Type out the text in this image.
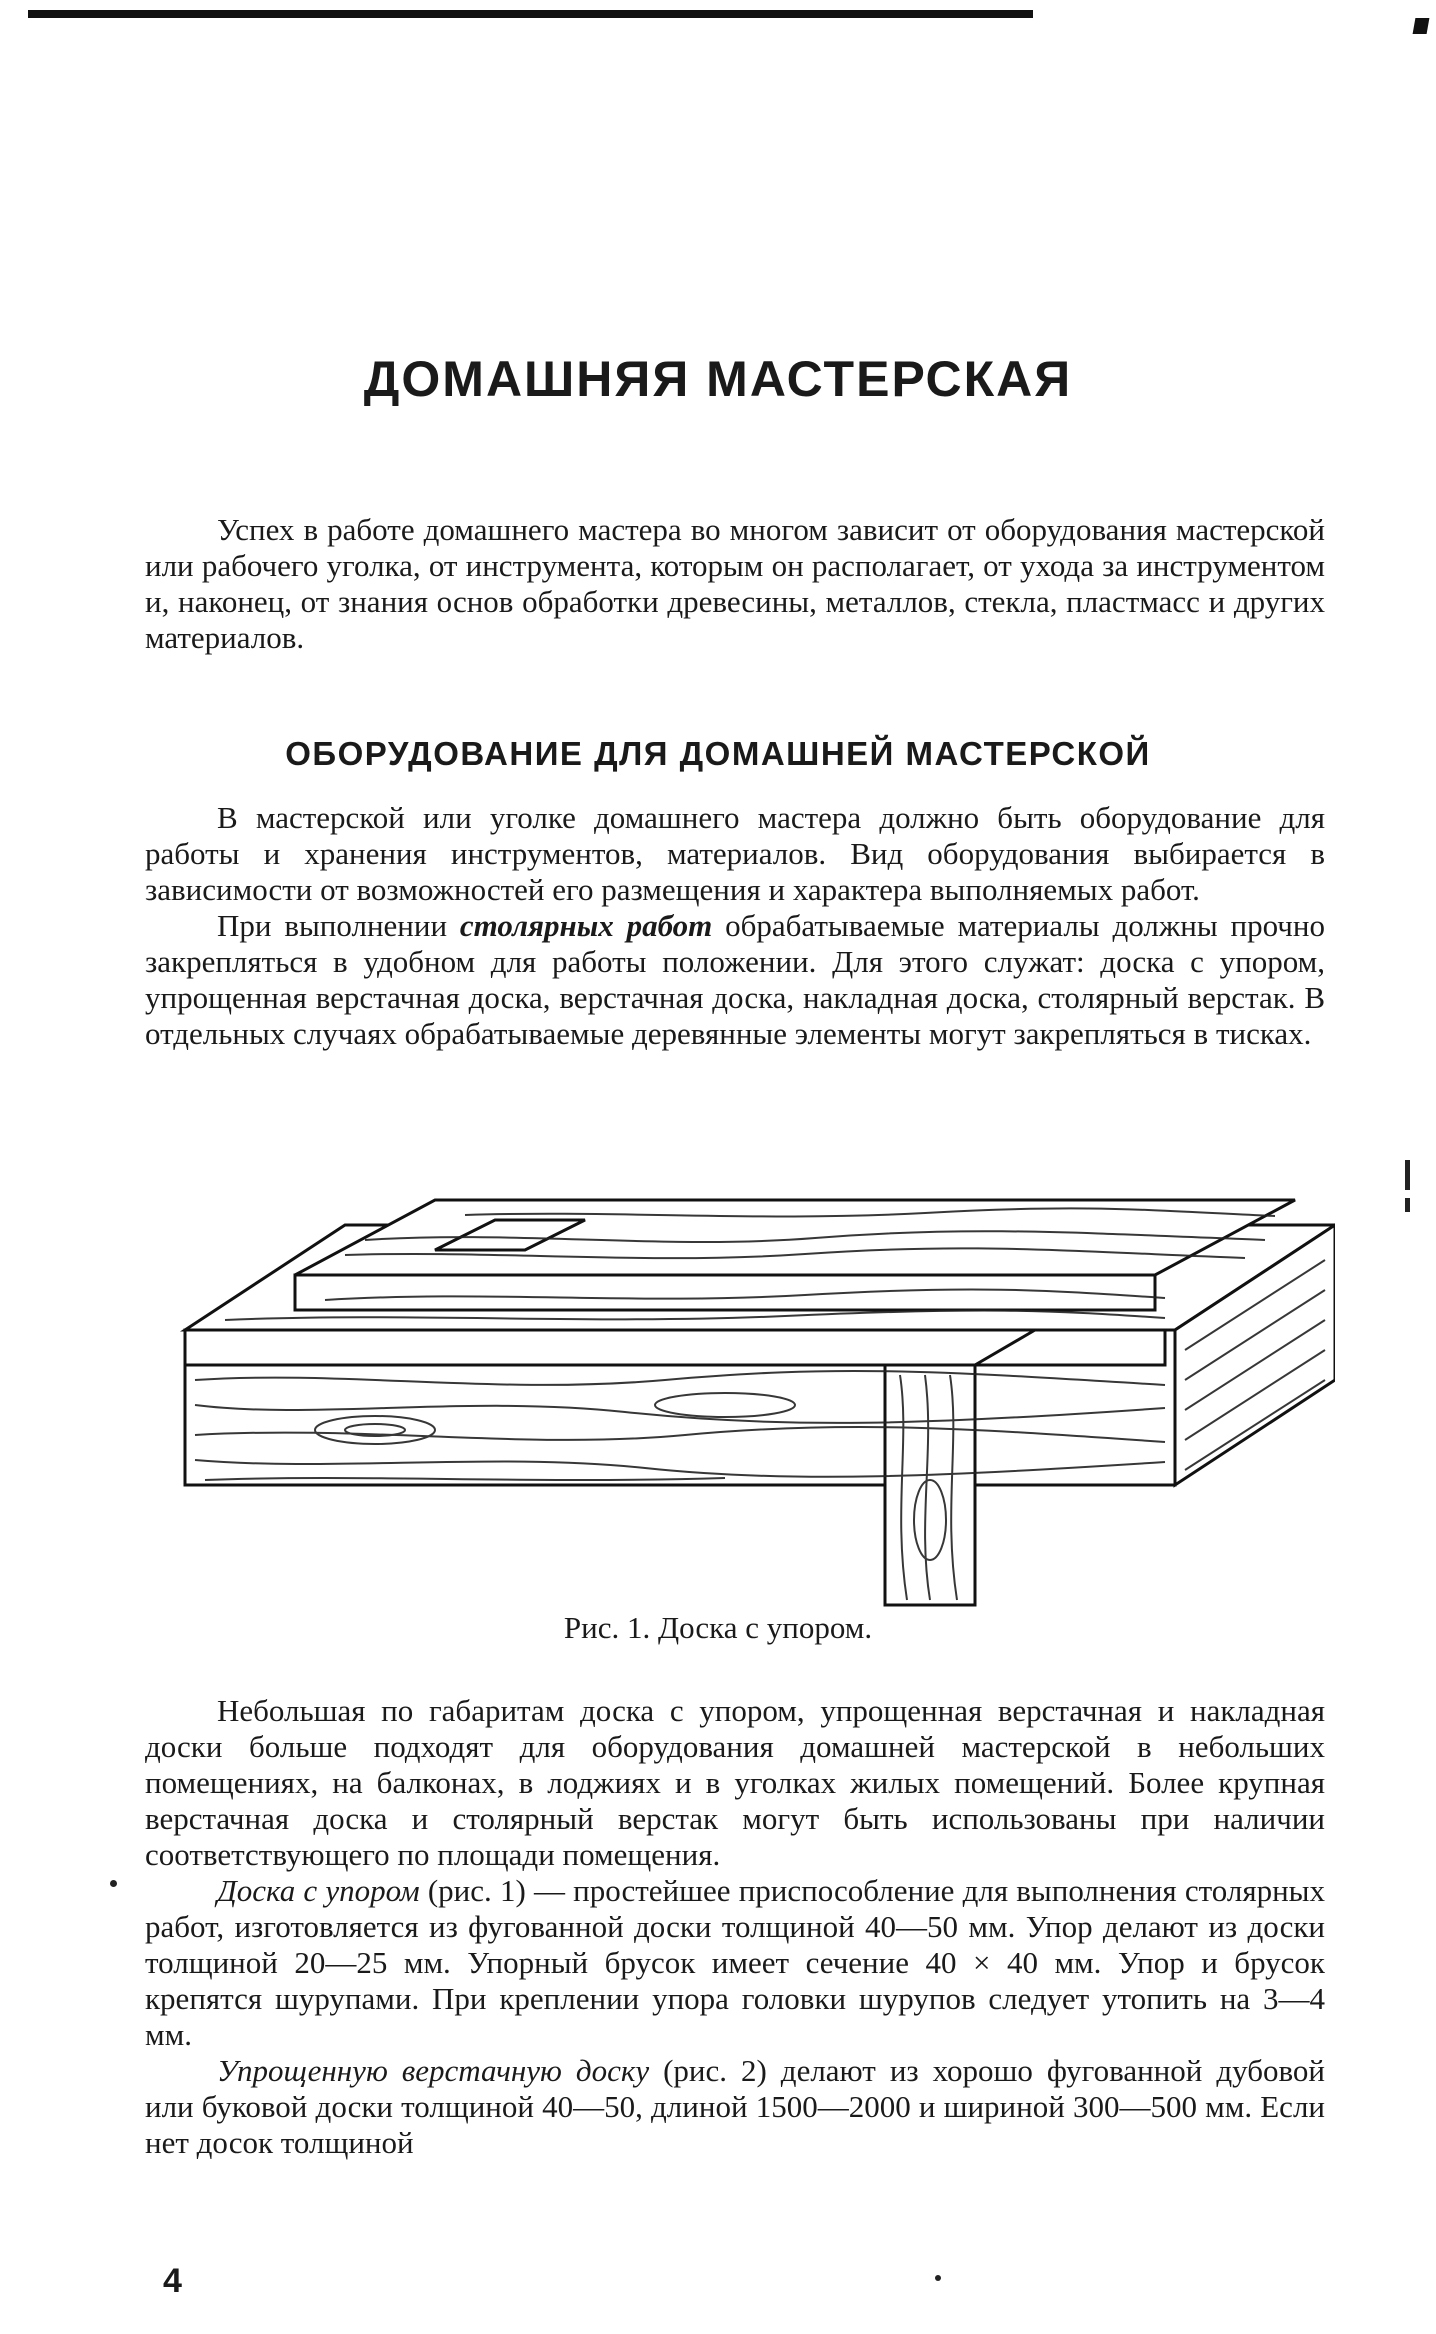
ДОМАШНЯЯ МАСТЕРСКАЯ

Успех в работе домашнего мастера во многом зависит от оборудования мастерской или рабочего уголка, от инструмента, которым он располагает, от ухода за инструментом и, наконец, от знания основ обработки древесины, металлов, стекла, пластмасс и других материалов.

ОБОРУДОВАНИЕ ДЛЯ ДОМАШНЕЙ МАСТЕРСКОЙ

В мастерской или уголке домашнего мастера должно быть оборудование для работы и хранения инструментов, материалов. Вид оборудования выбирается в зависимости от возможностей его размещения и характера выполняемых работ.

При выполнении столярных работ обрабатываемые материалы должны прочно закрепляться в удобном для работы положении. Для этого служат: доска с упором, упрощенная верстачная доска, верстачная доска, накладная доска, столярный верстак. В отдельных случаях обрабатываемые деревянные элементы могут закрепляться в тисках.

Рис. 1. Доска с упором.

Небольшая по габаритам доска с упором, упрощенная верстачная и накладная доски больше подходят для оборудования домашней мастерской в небольших помещениях, на балконах, в лоджиях и в уголках жилых помещений. Более крупная верстачная доска и столярный верстак могут быть использованы при наличии соответствующего по площади помещения.

Доска с упором (рис. 1) — простейшее приспособление для выполнения столярных работ, изготовляется из фугованной доски толщиной 40—50 мм. Упор делают из доски толщиной 20—25 мм. Упорный брусок имеет сечение 40 × 40 мм. Упор и брусок крепятся шурупами. При креплении упора головки шурупов следует утопить на 3—4 мм.

Упрощенную верстачную доску (рис. 2) делают из хорошо фугованной дубовой или буковой доски толщиной 40—50, длиной 1500—2000 и шириной 300—500 мм. Если нет досок толщиной

4
